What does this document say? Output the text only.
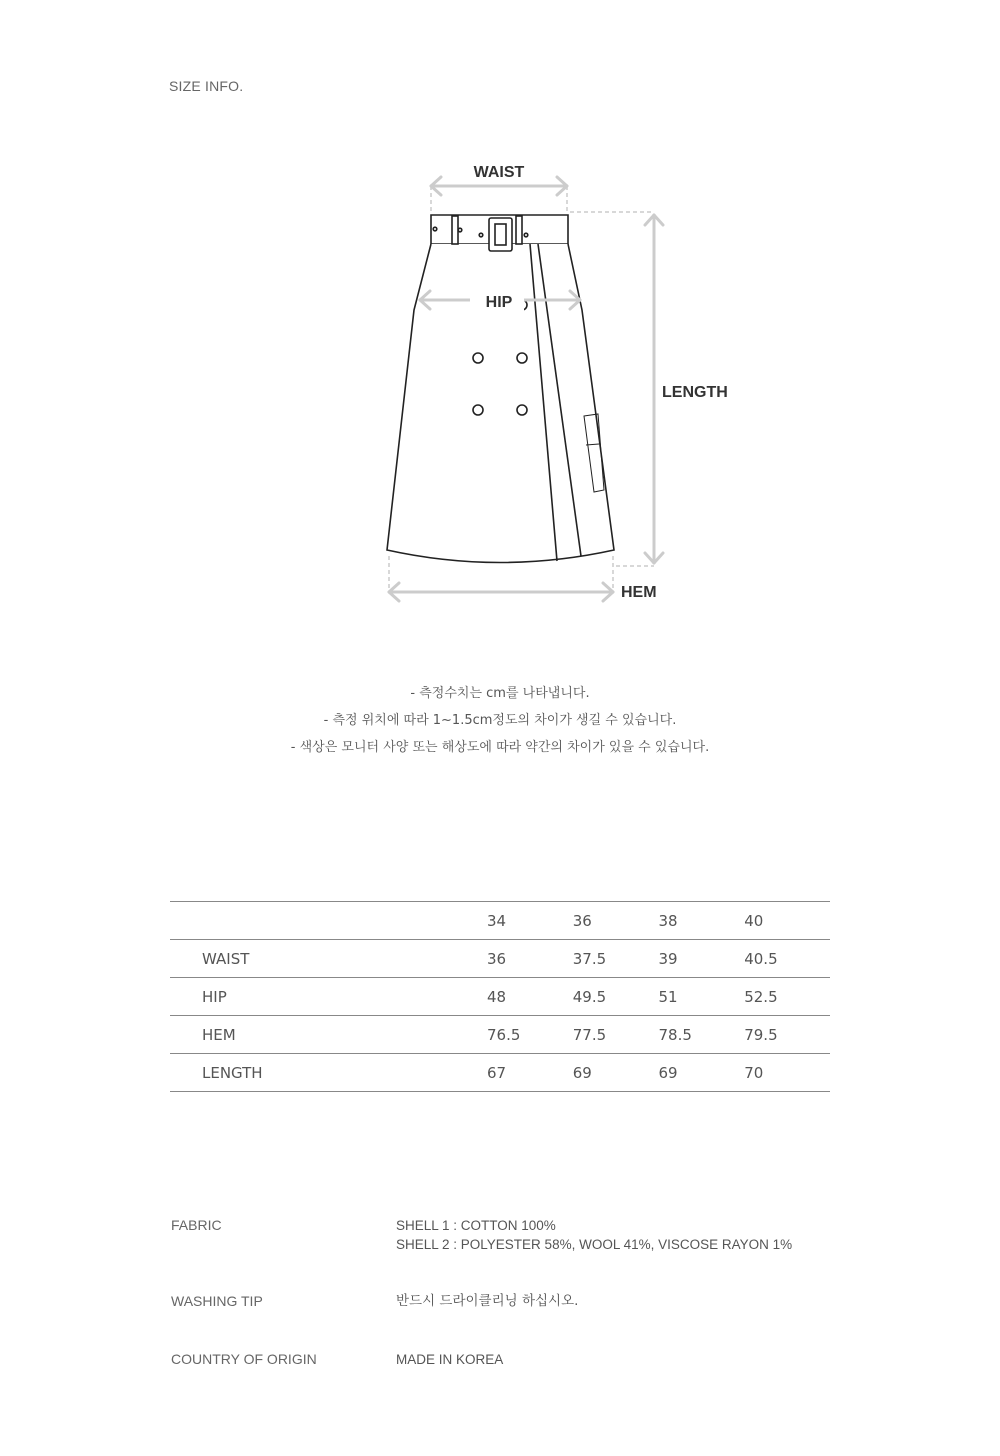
SIZE INFO.
WAIST
HIP
LENGTH
HEM
- 측정수치는 cm를 나타냅니다.
- 측정 위치에 따라 1~1.5cm정도의 차이가 생길 수 있습니다.
- 색상은 모니터 사양 또는 해상도에 따라 약간의 차이가 있을 수 있습니다.
	34	36	38	40
WAIST	36	37.5	39	40.5
HIP	48	49.5	51	52.5
HEM	76.5	77.5	78.5	79.5
LENGTH	67	69	69	70
FABRIC	SHELL 1 : COTTON 100%
SHELL 2 : POLYESTER 58%, WOOL 41%, VISCOSE RAYON 1%
WASHING TIP	반드시 드라이클리닝 하십시오.
COUNTRY OF ORIGIN	MADE IN KOREA
